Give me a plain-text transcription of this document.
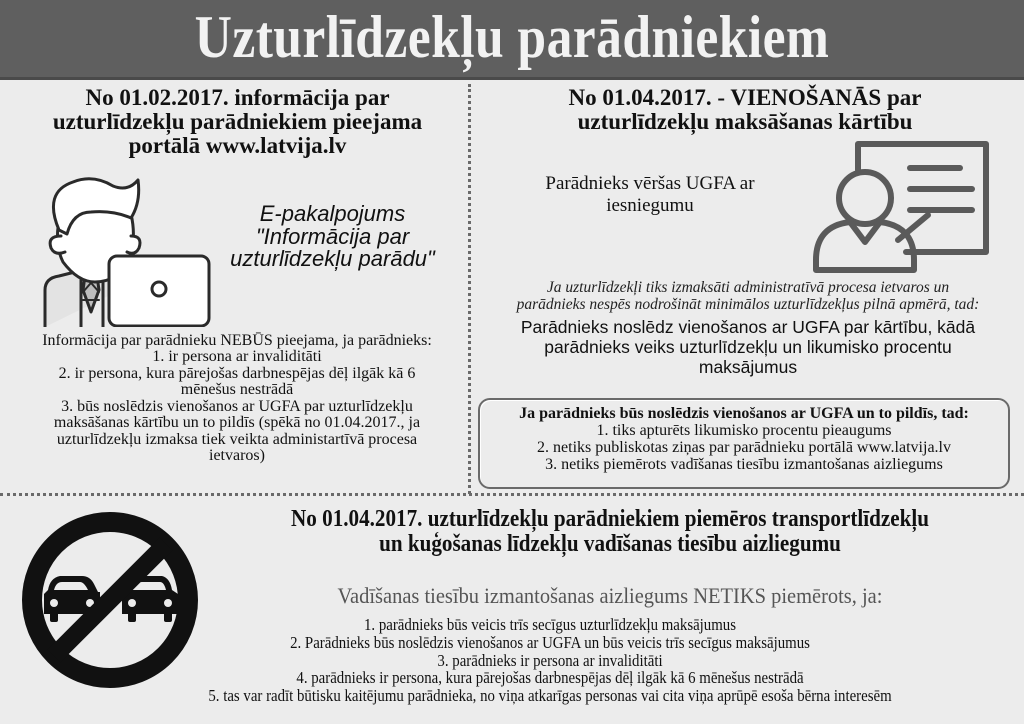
Uzturlīdzekļu parādniekiem
No 01.02.2017. informācija par
uzturlīdzekļu parādniekiem pieejama
portālā www.latvija.lv
E-pakalpojums
"Informācija par
uzturlīdzekļu parādu"
Informācija par parādnieku NEBŪS pieejama, ja parādnieks:
1. ir persona ar invaliditāti
2. ir persona, kura pārejošas darbnespējas dēļ ilgāk kā 6
mēnešus nestrādā
3. būs noslēdzis vienošanos ar UGFA par uzturlīdzekļu
maksāšanas kārtību un to pildīs (spēkā no 01.04.2017., ja
uzturlīdzekļu izmaksa tiek veikta administartīvā procesa
ietvaros)
No 01.04.2017. - VIENOŠANĀS par
uzturlīdzekļu maksāšanas kārtību
Parādnieks vēršas UGFA ar
iesniegumu
Ja uzturlīdzekļi tiks izmaksāti administratīvā procesa ietvaros un
parādnieks nespēs nodrošināt minimālos uzturlīdzekļus pilnā apmērā, tad:
Parādnieks noslēdz vienošanos ar UGFA par kārtību, kādā
parādnieks veiks uzturlīdzekļu un likumisko procentu
maksājumus
Ja parādnieks būs noslēdzis vienošanos ar UGFA un to pildīs, tad:
1. tiks apturēts likumisko procentu pieaugums
2. netiks publiskotas ziņas par parādnieku portālā www.latvija.lv
3. netiks piemērots vadīšanas tiesību izmantošanas aizliegums
No 01.04.2017. uzturlīdzekļu parādniekiem piemēros transportlīdzekļu
un kuģošanas līdzekļu vadīšanas tiesību aizliegumu
Vadīšanas tiesību izmantošanas aizliegums NETIKS piemērots, ja:
1. parādnieks būs veicis trīs secīgus uzturlīdzekļu maksājumus
2. Parādnieks būs noslēdzis vienošanos ar UGFA un būs veicis trīs secīgus maksājumus
3. parādnieks ir persona ar invaliditāti
4. parādnieks ir persona, kura pārejošas darbnespējas dēļ ilgāk kā 6 mēnešus nestrādā
5. tas var radīt būtisku kaitējumu parādnieka, no viņa atkarīgas personas vai cita viņa aprūpē esoša bērna interesēm
